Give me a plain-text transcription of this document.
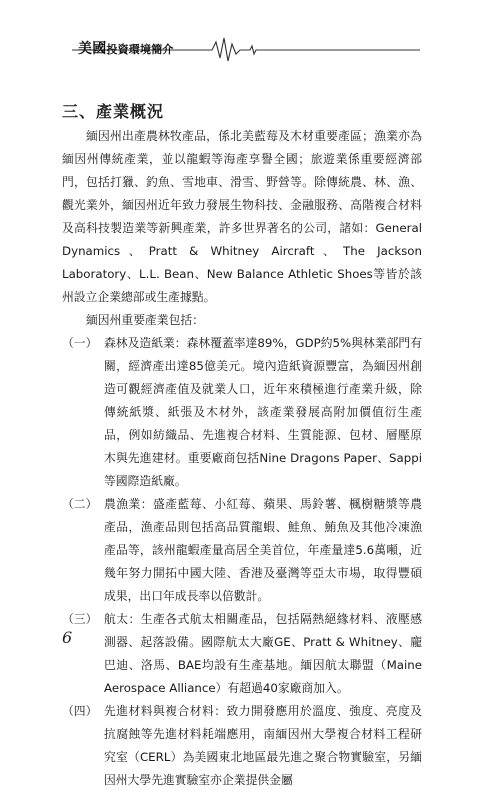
美國投資環境簡介
三、產業概況

緬因州出產農林牧產品，係北美藍莓及木材重要產區；漁業亦為緬因州傳統產業，並以龍蝦等海產享譽全國；旅遊業係重要經濟部門，包括打獵、釣魚、雪地車、滑雪、野營等。除傳統農、林、漁、觀光業外，緬因州近年致力發展生物科技、金融服務、高階複合材料及高科技製造業等新興產業，許多世界著名的公司，諸如：General Dynamics、Pratt & Whitney Aircraft、The Jackson Laboratory、L.L. Bean、New Balance Athletic Shoes等皆於該州設立企業總部或生產據點。

緬因州重要產業包括：

（一） 森林及造紙業：森林覆蓋率達89%，GDP約5%與林業部門有關，經濟產出達85億美元。境內造紙資源豐富，為緬因州創造可觀經濟產值及就業人口，近年來積極進行產業升級，除傳統紙漿、紙張及木材外，該產業發展高附加價值衍生產品，例如紡織品、先進複合材料、生質能源、包材、層壓原木與先進建材。重要廠商包括Nine Dragons Paper、Sappi等國際造紙廠。
（二） 農漁業：盛產藍莓、小紅莓、蘋果、馬鈴薯、楓樹糖漿等農產品，漁產品則包括高品質龍蝦、鮭魚、鮪魚及其他冷凍漁產品等，該州龍蝦產量高居全美首位，年產量達5.6萬噸，近幾年努力開拓中國大陸、香港及臺灣等亞太市場，取得豐碩成果，出口年成長率以倍數計。
（三） 航太：生產各式航太相關產品，包括隔熱絕緣材料、液壓感測器、起落設備。國際航太大廠GE、Pratt & Whitney、龐巴迪、洛馬、BAE均設有生產基地。緬因航太聯盟（Maine Aerospace Alliance）有超過40家廠商加入。
（四） 先進材料與複合材料：致力開發應用於溫度、強度、亮度及抗腐蝕等先進材料耗端應用，南緬因州大學複合材料工程研究室（CERL）為美國東北地區最先進之聚合物實驗室，另緬因州大學先進實驗室亦企業提供金屬
6
